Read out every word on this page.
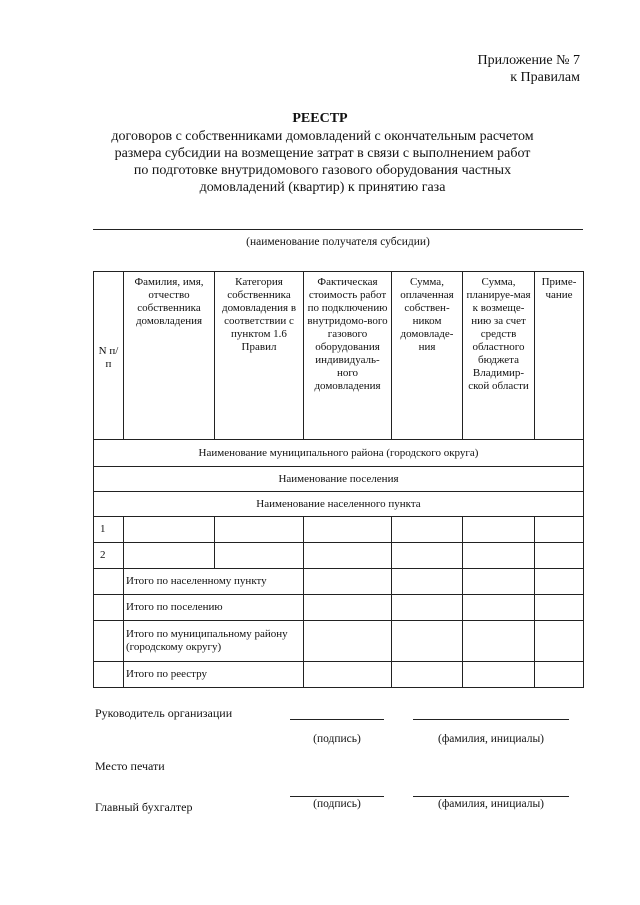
Приложение № 7
к Правилам
РЕЕСТР
договоров с собственниками домовладений с окончательным расчетом
размера субсидии на возмещение затрат в связи с выполнением работ
по подготовке внутридомового газового оборудования частных
домовладений (квартир) к принятию газа
(наименование получателя субсидии)
N п/п	Фамилия, имя, отчество собственника домовладения	Категория собственника домовладения в соответствии с пунктом 1.6 Правил	Фактическая стоимость работ по подключению внутридомо-вого газового оборудования индивидуаль-ного домовладения	Сумма, оплаченная собствен-ником домовладе-ния	Сумма, планируе-мая к возмеще-нию за счет средств областного бюджета Владимир-ской области	Приме-чание
Наименование муниципального района (городского округа)						
Наименование поселения						
Наименование населенного пункта						
1						
2						
	Итого по населенному пункту					
	Итого по поселению					
	Итого по муниципальному району (городскому округу)					
	Итого по реестру					
Руководитель организации
(подпись)	(фамилия, инициалы)
Место печати
Главный бухгалтер	(подпись)	(фамилия, инициалы)
